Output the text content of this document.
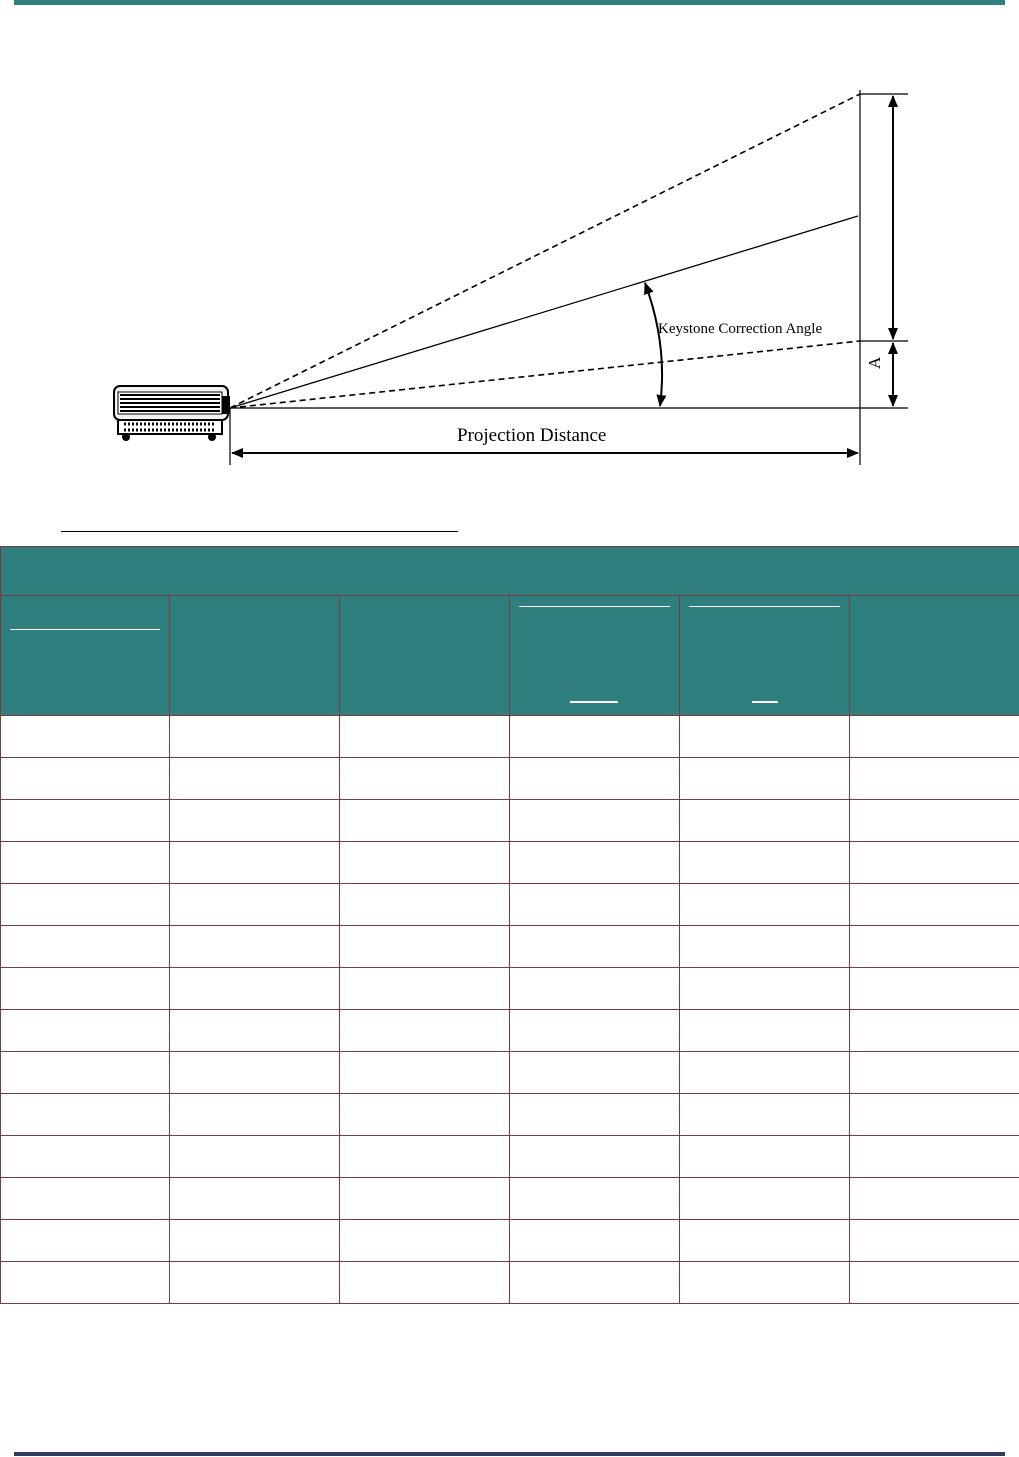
Keystone Correction Angle
Projection Distance
A
